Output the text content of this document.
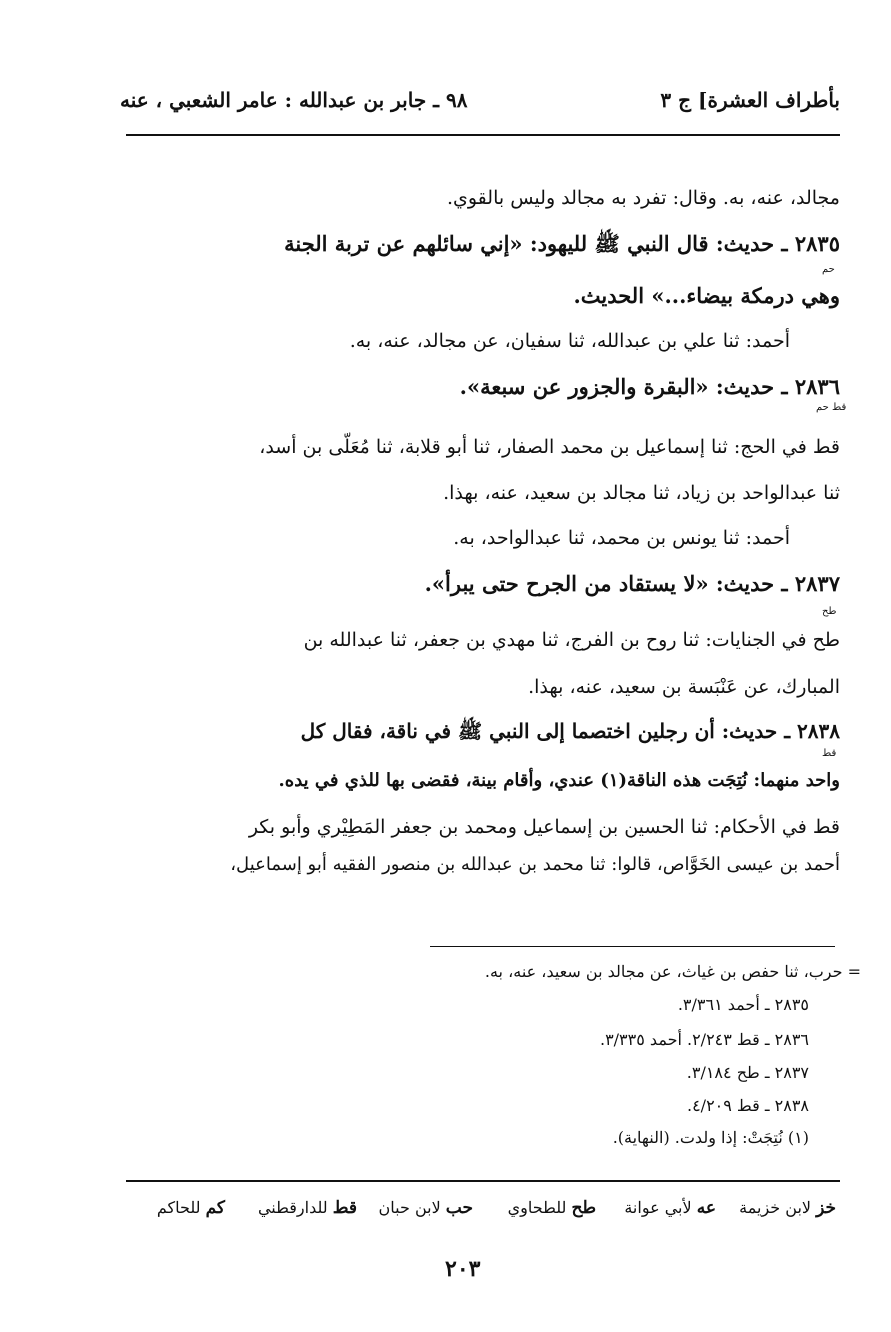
بأطراف العشرة] ج ٣
٩٨ ـ جابر بن عبدالله : عامر الشعبي ، عنه
مجالد، عنه، به. وقال: تفرد به مجالد وليس بالقوي.
٢٨٣٥ ـ حديث: قال النبي ﷺ لليهود: «إني سائلهم عن تربة الجنة
وهي درمكة بيضاء...» الحديث.
أحمد: ثنا علي بن عبدالله، ثنا سفيان، عن مجالد، عنه، به.
٢٨٣٦ ـ حديث: «البقرة والجزور عن سبعة».
قط في الحج: ثنا إسماعيل بن محمد الصفار، ثنا أبو قلابة، ثنا مُعَلّى بن أسد،
ثنا عبدالواحد بن زياد، ثنا مجالد بن سعيد، عنه، بهذا.
أحمد: ثنا يونس بن محمد، ثنا عبدالواحد، به.
٢٨٣٧ ـ حديث: «لا يستقاد من الجرح حتى يبرأ».
طح في الجنايات: ثنا روح بن الفرج، ثنا مهدي بن جعفر، ثنا عبدالله بن
المبارك، عن عَنْبَسة بن سعيد، عنه، بهذا.
٢٨٣٨ ـ حديث: أن رجلين اختصما إلى النبي ﷺ في ناقة، فقال كل
واحد منهما: نُتِجَت هذه الناقة(١) عندي، وأقام بينة، فقضى بها للذي في يده.
قط في الأحكام: ثنا الحسين بن إسماعيل ومحمد بن جعفر المَطِيْري وأبو بكر
أحمد بن عيسى الخَوَّاص، قالوا: ثنا محمد بن عبدالله بن منصور الفقيه أبو إسماعيل،
حم
قط حم
طح
قط
= حرب، ثنا حفص بن غياث، عن مجالد بن سعيد، عنه، به.
٢٨٣٥ ـ أحمد ٣/٣٦١.
٢٨٣٦ ـ قط ٢/٢٤٣. أحمد ٣/٣٣٥.
٢٨٣٧ ـ طح ٣/١٨٤.
٢٨٣٨ ـ قط ٤/٢٠٩.
(١) نُتِجَتْ: إذا ولدت. (النهاية).
خز لابن خزيمة
عه لأبي عوانة
طح للطحاوي
حب لابن حبان
قط للدارقطني
كم للحاكم
٢٠٣
